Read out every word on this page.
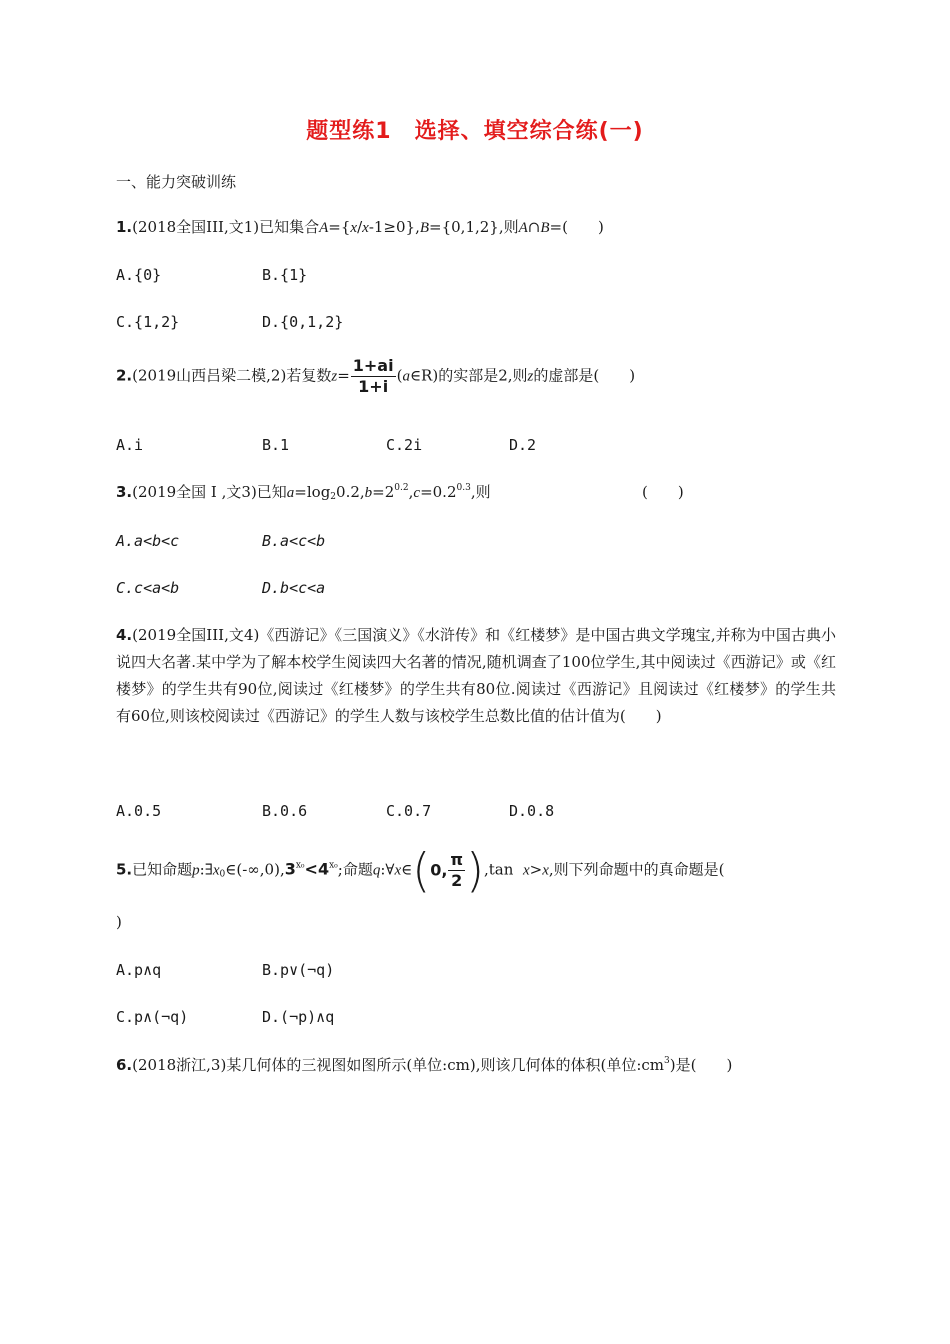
题型练1　选择、填空综合练(一)
一、能力突破训练
1.(2018全国III,文1)已知集合A={x/x-1≥0},B={0,1,2},则A∩B=(　　)
A.{0}	B.{1}
C.{1,2}	D.{0,1,2}
2.(2019山西吕梁二模,2)若复数$z= \frac{1+ai}{1+i}$ (a∈R)的实部是2,则z的虚部是(　　)
A.i	B.1	C.2i	D.2
3.(2019全国 I ,文3)已知$a=\log_20.2,b=2^{0.2},c=0.2^{0.3}$,则	(　　)
A.a<b<c	B.a<c<b
C.c<a<b	D.b<c<a
4.(2019全国III,文4)《西游记》《三国演义》《水浒传》和《红楼梦》是中国古典文学瑰宝,并称为中国古典小说四大名著.某中学为了解本校学生阅读四大名著的情况,随机调查了100位学生,其中阅读过《西游记》或《红楼梦》的学生共有90位,阅读过《红楼梦》的学生共有80位.阅读过《西游记》且阅读过《红楼梦》的学生共有60位,则该校阅读过《西游记》的学生人数与该校学生总数比值的估计值为(　　)
A.0.5	B.0.6	C.0.7	D.0.8
5.已知命题$p:\exists x_0\in(-\infty,0),3^{x_0}<4^{x_0}$;命题q:∀x∈(0, $\frac{\pi}{2} ),\tan$ x>x,则下列命题中的真命题是(
)
A.p∧q	B.p∨(¬q)
C.p∧(¬q)	D.(¬p)∧q
6.(2018浙江,3)某几何体的三视图如图所示(单位:cm),则该几何体的体积(单位$:cm^3$)是(　　)
